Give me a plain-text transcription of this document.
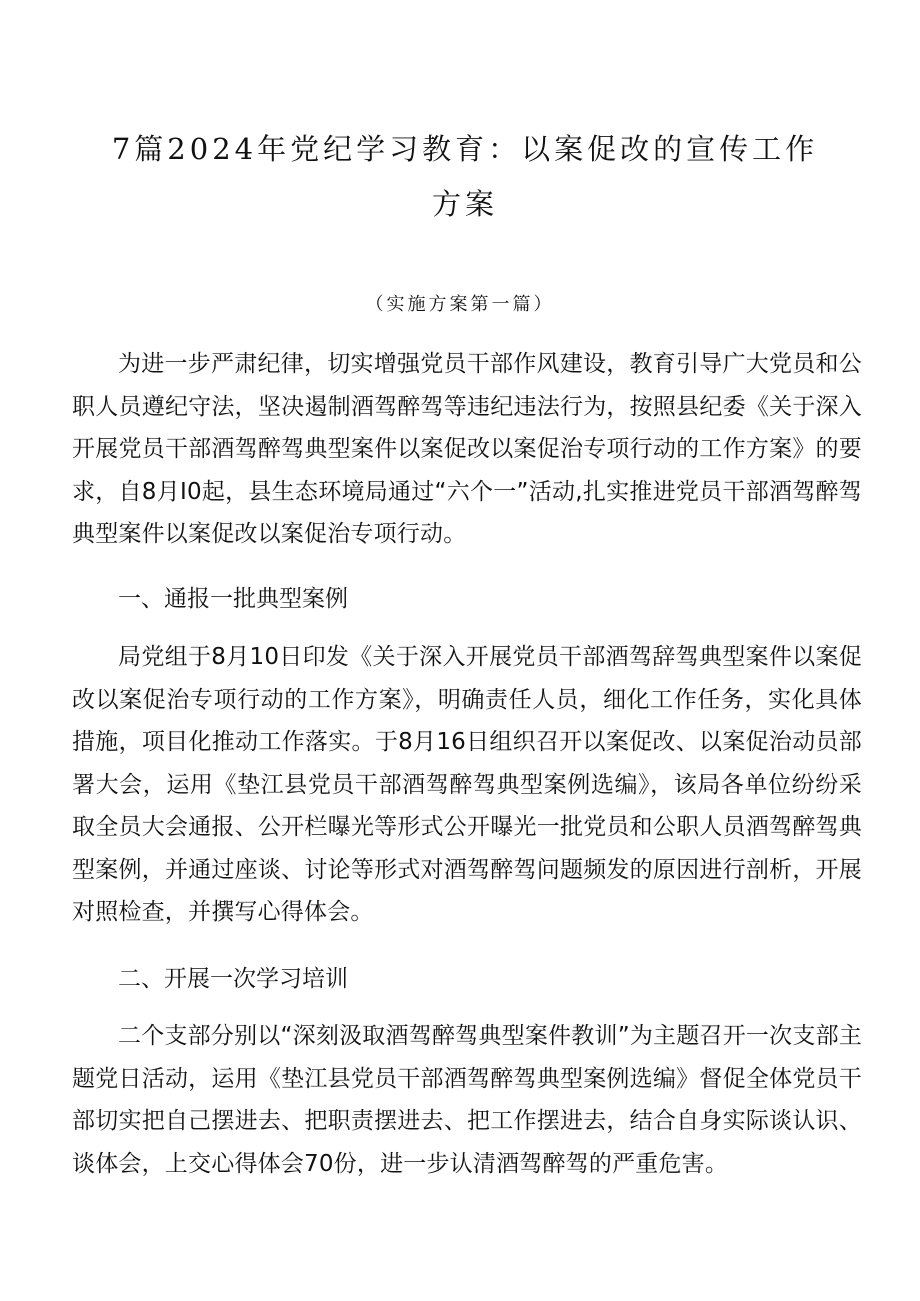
7篇2024年党纪学习教育：以案促改的宣传工作方案
（实施方案第一篇）

为进一步严肃纪律，切实增强党员干部作风建设，教育引导广大党员和公职人员遵纪守法，坚决遏制酒驾醉驾等违纪违法行为，按照县纪委《关于深入开展党员干部酒驾醉驾典型案件以案促改以案促治专项行动的工作方案》的要求，自8月I0起，县生态环境局通过“六个一”活动,扎实推进党员干部酒驾醉驾典型案件以案促改以案促治专项行动。

一、通报一批典型案例

局党组于8月10日印发《关于深入开展党员干部酒驾辞驾典型案件以案促改以案促治专项行动的工作方案》，明确责任人员，细化工作任务，实化具体措施，项目化推动工作落实。于8月16日组织召开以案促改、以案促治动员部署大会，运用《垫江县党员干部酒驾醉驾典型案例选编》，该局各单位纷纷采取全员大会通报、公开栏曝光等形式公开曝光一批党员和公职人员酒驾醉驾典型案例，并通过座谈、讨论等形式对酒驾醉驾问题频发的原因进行剖析，开展对照检查，并撰写心得体会。

二、开展一次学习培训

二个支部分别以“深刻汲取酒驾醉驾典型案件教训”为主题召开一次支部主题党日活动，运用《垫江县党员干部酒驾醉驾典型案例选编》督促全体党员干部切实把自己摆进去、把职责摆进去、把工作摆进去，结合自身实际谈认识、谈体会，上交心得体会70份，进一步认清酒驾醉驾的严重危害。
